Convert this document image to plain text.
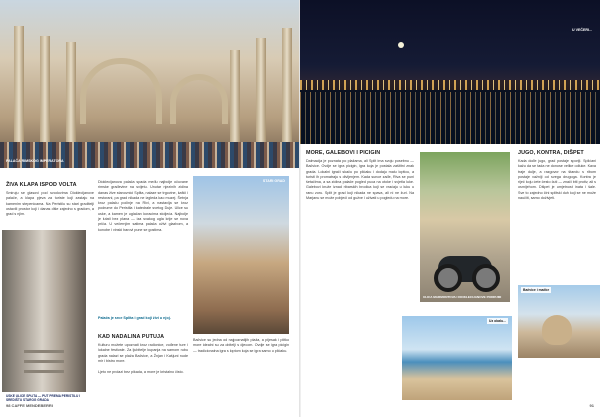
PALAČA RIMSKOG IMPERATORA
ŽIVA KLAPA ISPOD VOLTA

Smiruju se glasovi pod svodovima Dioklecijanove palače, a klapa pjeva za turiste koji zastaju na kamenim stepenicama. Na Peristilu su stari graditelji ostavili prostor koji i danas diše zajedno s gradom, a grad s njim.

USKE ULICE SPLITA — PUT PREMA PERISTILU I SREDIŠTU STAROG GRADA

Dioklecijanova palača spada među najbolje očuvane rimske građevine na svijetu. Unutar njezinih zidina danas žive stanovnici Splita, nalaze se trgovine, kafići i restorani, pa grad nikada ne izgleda kao muzej. Šetnja kroz palaču počinje na Rivi, a nastavlja se kroz podrume do Peristila i katedrale svetog Duje. Ulice su uske, a kamen je uglačan koracima stoljeća. Najbolje je lutati bez plana — iza svakog ugla krije se nova priča. U večernjim satima palača oživi glazbom, a konobe i vinski barovi pune se gostima.

Palača je srce Splita i grad koji živi u njoj.

KAD NADALINA PUTUJA

Kulturu možete upoznati kroz radionice, vođene ture i lokalne festivale. Za ljubitelje kupanja na samom rubu grada nalazi se plaža Bačvice, a Žnjan i Kašjuni nude mir i bistro more.

Ljeto ne prolazi bez pikada, a more je kristalno čisto.

STARI GRAD

Bačvice su jedna od najpoznatijih plaža, a pijesak i plitko more idealni su za obitelji s djecom. Ovdje se igra picigin — tradicionalna igra s loptom koja se igra samo u plićaku.

98 CAFFE MENDEBERRI
U VEČERI...
MORE, GALEBOVI I PICIGIN

Dalmacija je poznata po plažama, ali Split ima svoju posebnu — Bačvice. Ovdje se igra picigin, igra koja je postala zaštitni znak grada. Lokalni igrači skaču po plićaku i dodaju malu lopticu, a turisti ih promatraju s divljenjem. Kada sunce zađe, Riva se puni šetačima, a sa zidina palače pogled puca na otoke i svjetla luke. Galebovi kruže iznad ribarskih brodica koji se vraćaju u luku u ranu zoru. Split je grad koji nikada ne spava, ali ni ne žuri. Na Marjanu se može pobjeći od gužve i uživati u pogledu na more.

ULICA MARMONTOVA I DIOKLECIJANOVE PODRUMI
Uz obalu...
JUGO, KONTRA, DIŠPET

Kada dođe jugo, grad postaje sporiji. Splićani kažu da se tada ne donose velike odluke. Kava traje dulje, a razgovor na štandu s ribom postaje važniji od svega drugoga. Kontra je riječ koju ćete često čuti — znači biti protiv, ali s osmijehom. Dišpet je umjetnost inata i šale. Sve to zajedno čini splitski duh koji se ne može naučiti, samo doživjeti.

Bačvice i mačke
91
